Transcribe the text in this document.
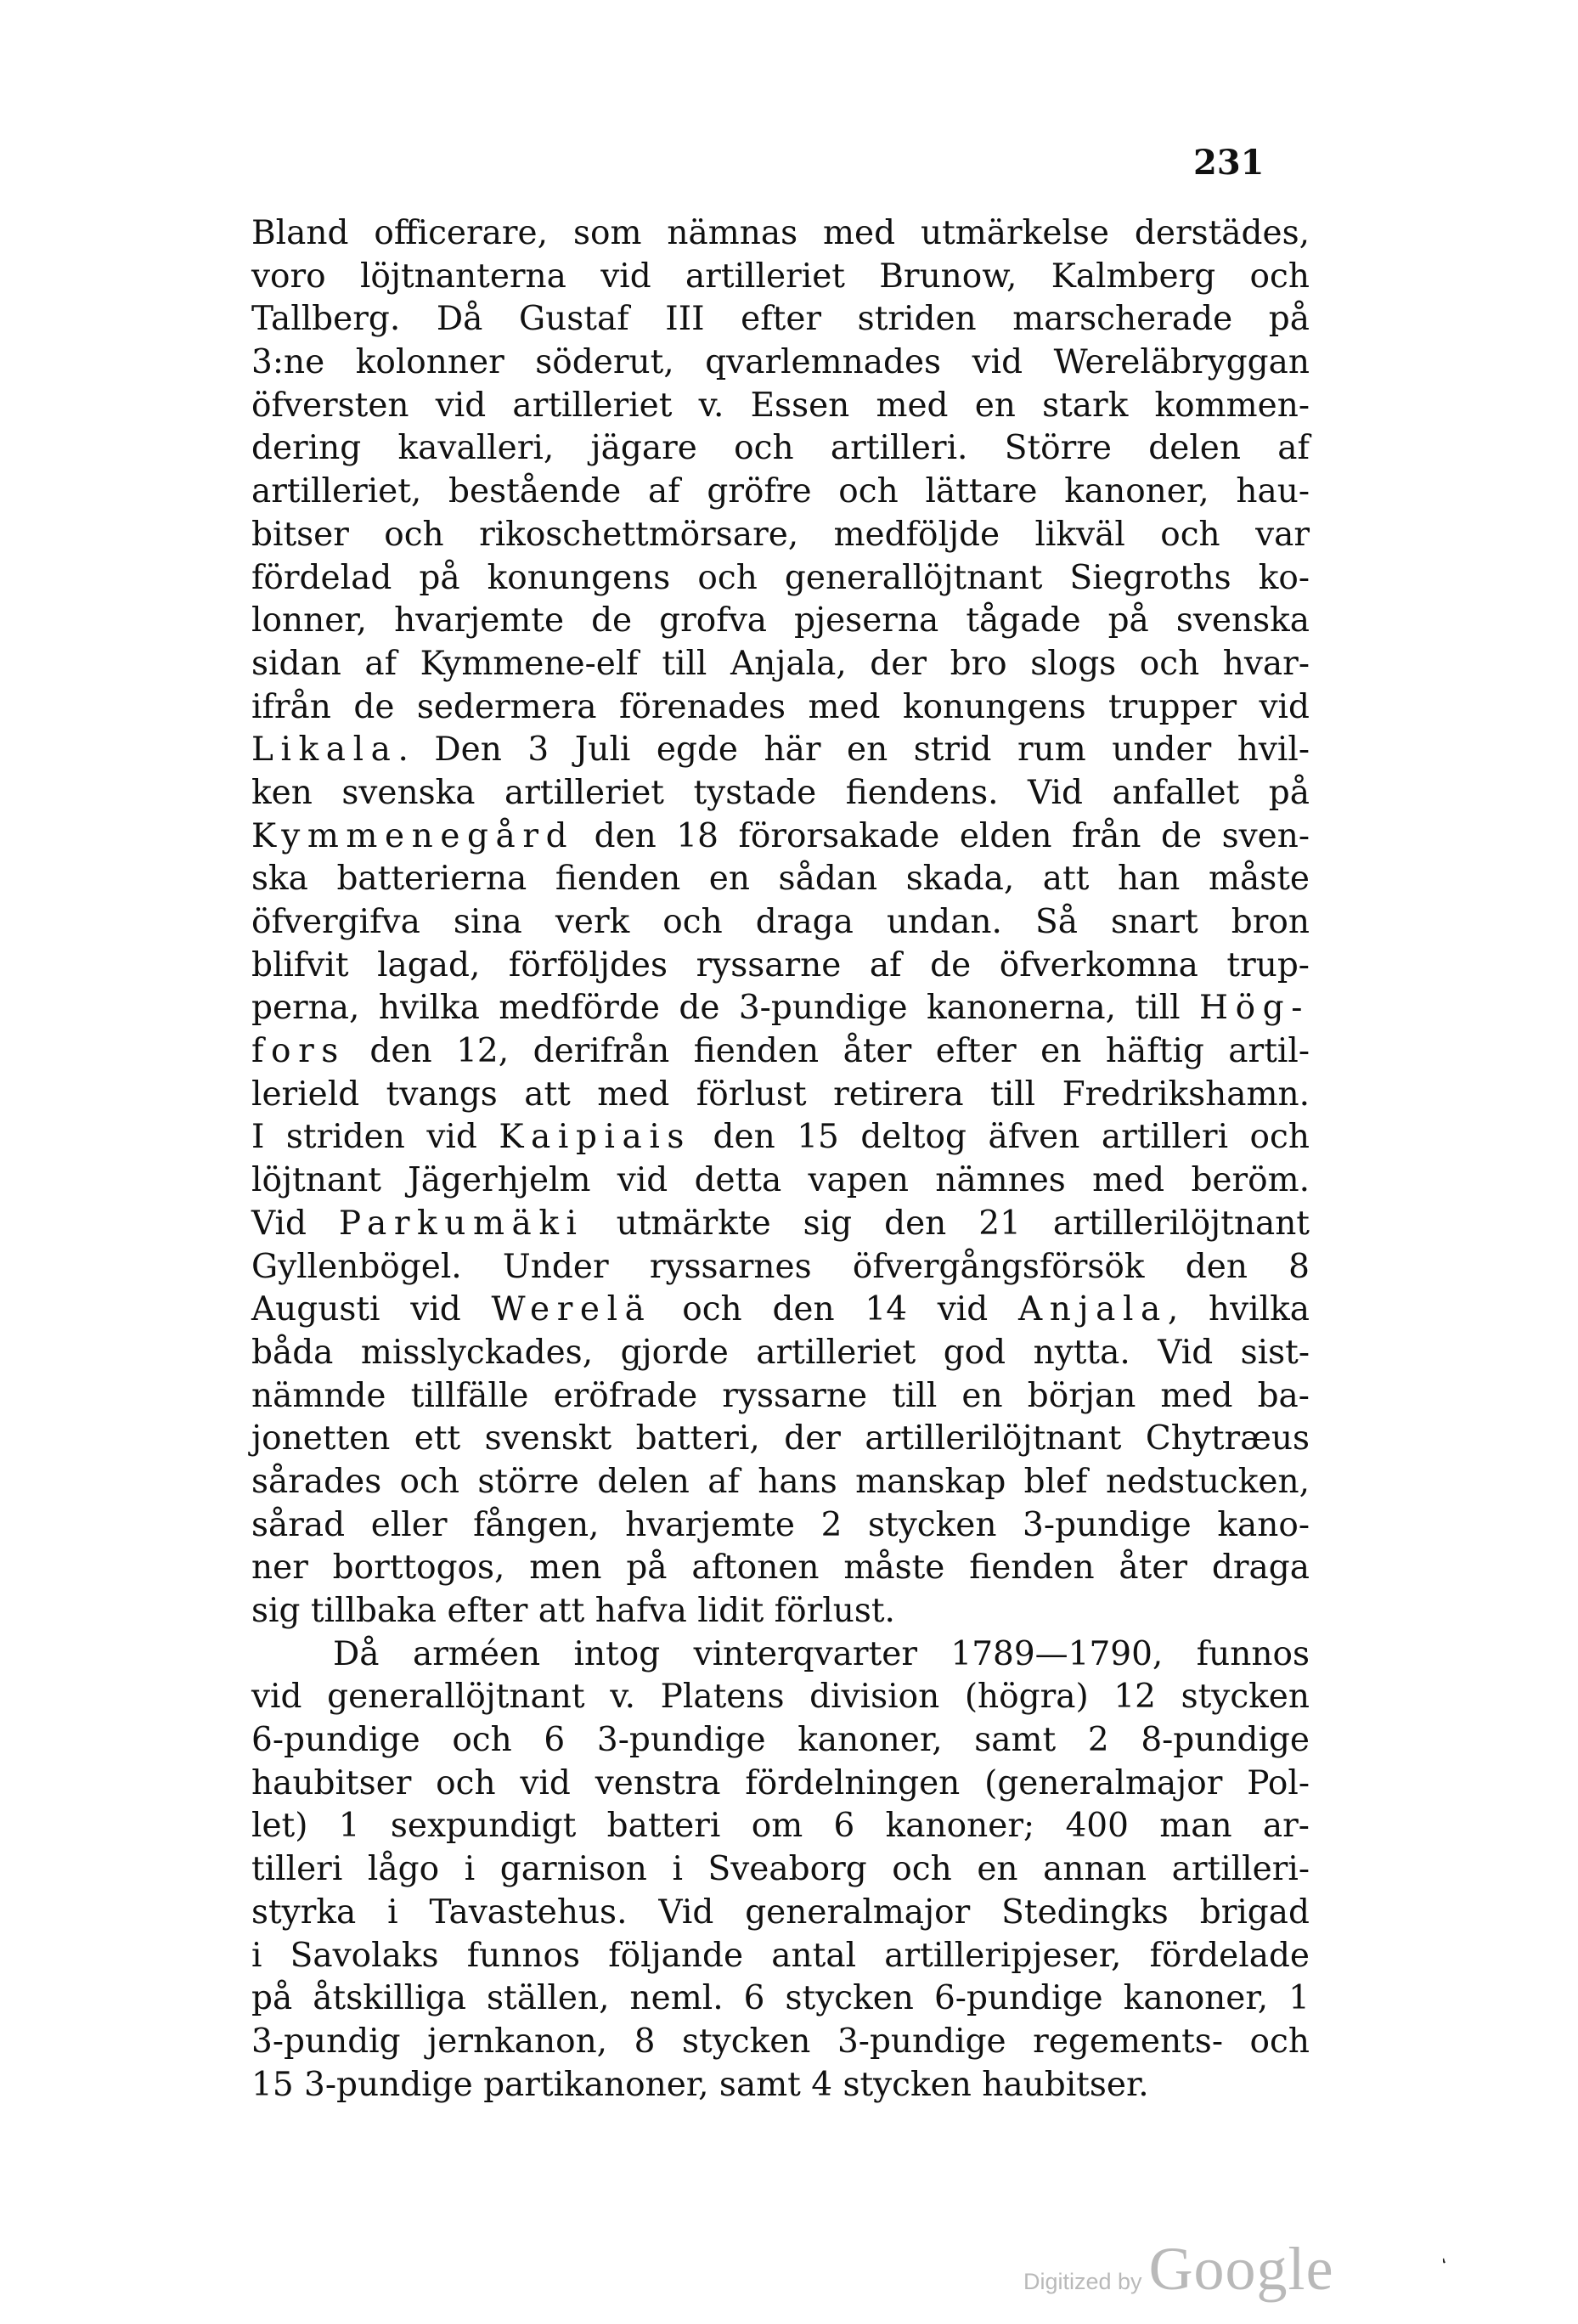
231
Bland officerare, som nämnas med utmärkelse derstädes,
voro löjtnanterna vid artilleriet Brunow, Kalmberg och
Tallberg. Då Gustaf III efter striden marscherade på
3:ne kolonner söderut, qvarlemnades vid Wereläbryggan
öfversten vid artilleriet v. Essen med en stark kommen-
dering kavalleri, jägare och artilleri. Större delen af
artilleriet, bestående af gröfre och lättare kanoner, hau-
bitser och rikoschettmörsare, medföljde likväl och var
fördelad på konungens och generallöjtnant Siegroths ko-
lonner, hvarjemte de grofva pjeserna tågade på svenska
sidan af Kymmene-elf till Anjala, der bro slogs och hvar-
ifrån de sedermera förenades med konungens trupper vid
Likala. Den 3 Juli egde här en strid rum under hvil-
ken svenska artilleriet tystade fiendens. Vid anfallet på
Kymmenegård den 18 förorsakade elden från de sven-
ska batterierna fienden en sådan skada, att han måste
öfvergifva sina verk och draga undan. Så snart bron
blifvit lagad, förföljdes ryssarne af de öfverkomna trup-
perna, hvilka medförde de 3-pundige kanonerna, till Hög-
fors den 12, derifrån fienden åter efter en häftig artil-
lerield tvangs att med förlust retirera till Fredrikshamn.
I striden vid Kaipiais den 15 deltog äfven artilleri och
löjtnant Jägerhjelm vid detta vapen nämnes med beröm.
Vid Parkumäki utmärkte sig den 21 artillerilöjtnant
Gyllenbögel. Under ryssarnes öfvergångsförsök den 8
Augusti vid Werelä och den 14 vid Anjala, hvilka
båda misslyckades, gjorde artilleriet god nytta. Vid sist-
nämnde tillfälle eröfrade ryssarne till en början med ba-
jonetten ett svenskt batteri, der artillerilöjtnant Chytræus
sårades och större delen af hans manskap blef nedstucken,
sårad eller fången, hvarjemte 2 stycken 3-pundige kano-
ner borttogos, men på aftonen måste fienden åter draga
sig tillbaka efter att hafva lidit förlust.
Då arméen intog vinterqvarter 1789—1790, funnos
vid generallöjtnant v. Platens division (högra) 12 stycken
6-pundige och 6 3-pundige kanoner, samt 2 8-pundige
haubitser och vid venstra fördelningen (generalmajor Pol-
let) 1 sexpundigt batteri om 6 kanoner; 400 man ar-
tilleri lågo i garnison i Sveaborg och en annan artilleri-
styrka i Tavastehus. Vid generalmajor Stedingks brigad
i Savolaks funnos följande antal artilleripjeser, fördelade
på åtskilliga ställen, neml. 6 stycken 6-pundige kanoner, 1
3-pundig jernkanon, 8 stycken 3-pundige regements- och
15 3-pundige partikanoner, samt 4 stycken haubitser.
Digitized by Google	‘
